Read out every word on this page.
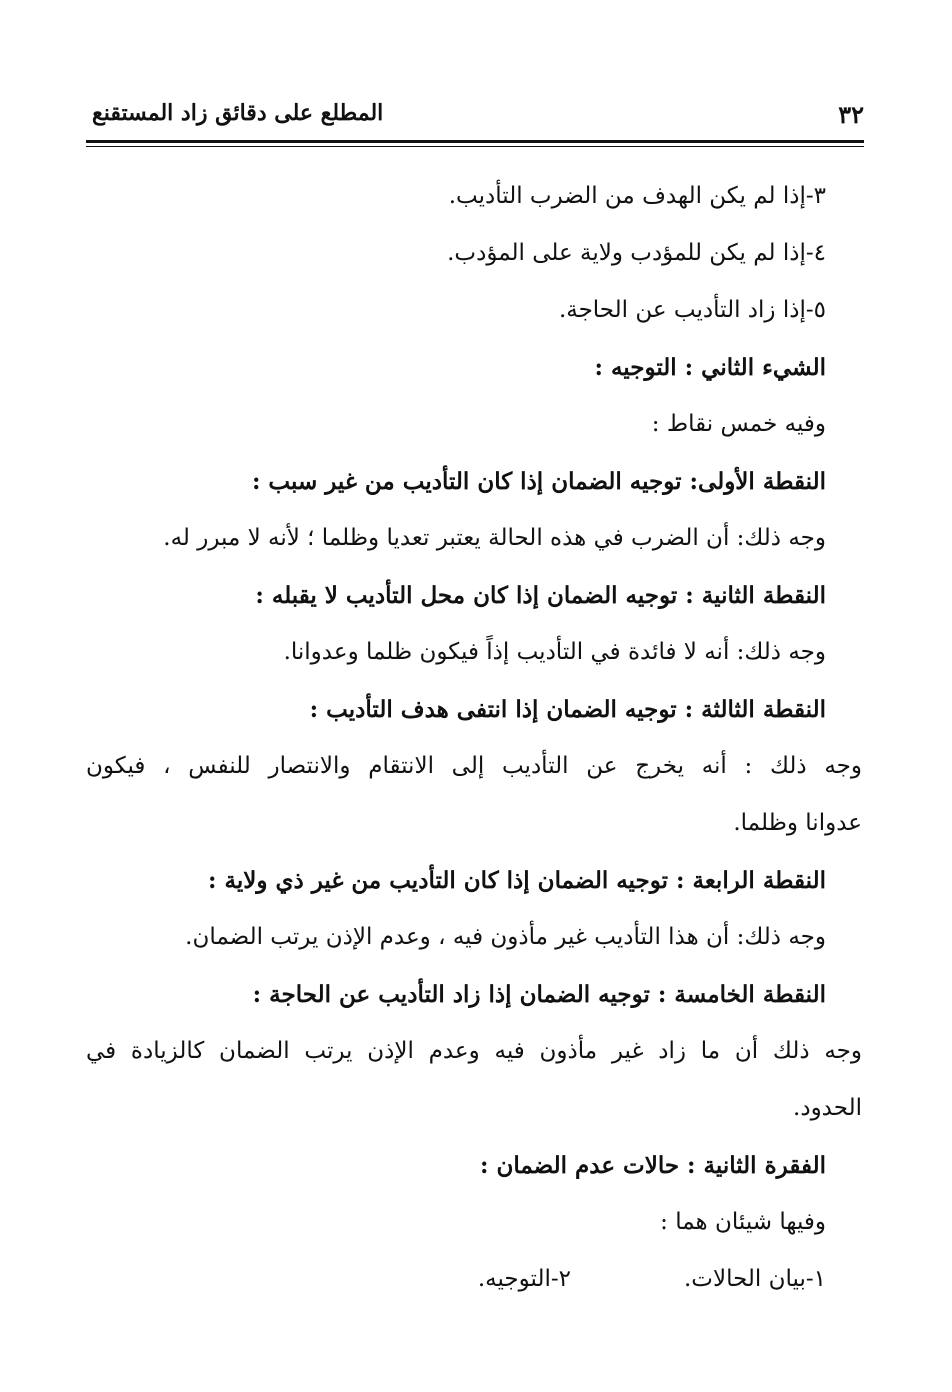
٣٢
المطلع على دقائق زاد المستقنع
٣-إذا لم يكن الهدف من الضرب التأديب.
٤-إذا لم يكن للمؤدب ولاية على المؤدب.
٥-إذا زاد التأديب عن الحاجة.
الشيء الثاني : التوجيه :
وفيه خمس نقاط :
النقطة الأولى: توجيه الضمان إذا كان التأديب من غير سبب :
وجه ذلك: أن الضرب في هذه الحالة يعتبر تعديا وظلما ؛ لأنه لا مبرر له.
النقطة الثانية : توجيه الضمان إذا كان محل التأديب لا يقبله :
وجه ذلك: أنه لا فائدة في التأديب إذاً فيكون ظلما وعدوانا.
النقطة الثالثة : توجيه الضمان إذا انتفى هدف التأديب :
وجه ذلك : أنه يخرج عن التأديب إلى الانتقام والانتصار للنفس ، فيكون
عدوانا وظلما.
النقطة الرابعة : توجيه الضمان إذا كان التأديب من غير ذي ولاية :
وجه ذلك: أن هذا التأديب غير مأذون فيه ، وعدم الإذن يرتب الضمان.
النقطة الخامسة : توجيه الضمان إذا زاد التأديب عن الحاجة :
وجه ذلك أن ما زاد غير مأذون فيه وعدم الإذن يرتب الضمان كالزيادة في
الحدود.
الفقرة الثانية : حالات عدم الضمان :
وفيها شيئان هما :
١-بيان الحالات.
٢-التوجيه.
